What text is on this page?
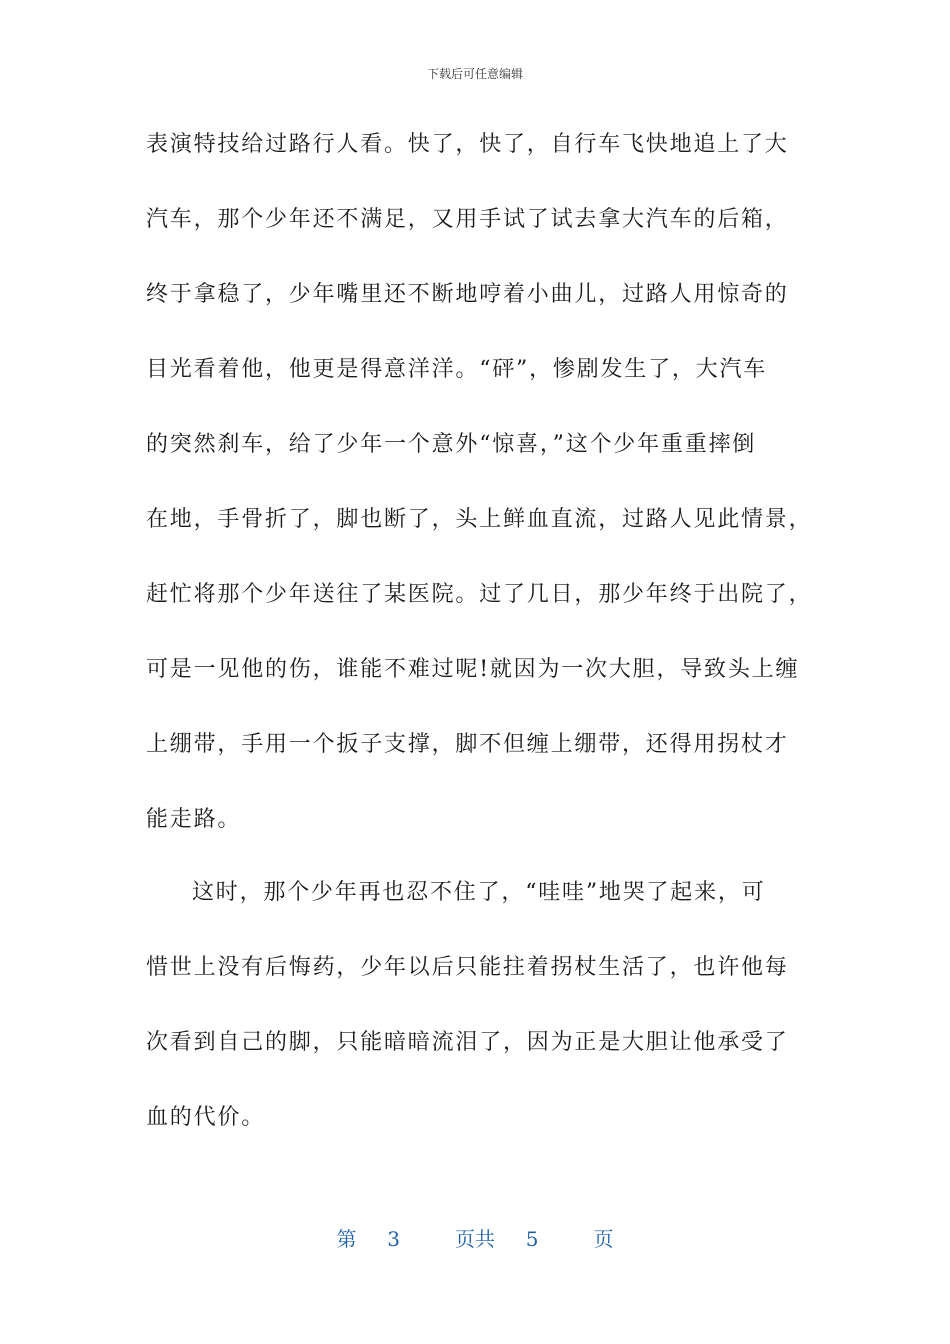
下载后可任意编辑
表演特技给过路行人看。快了，快了，自行车飞快地追上了大
汽车，那个少年还不满足，又用手试了试去拿大汽车的后箱，
终于拿稳了，少年嘴里还不断地哼着小曲儿，过路人用惊奇的
目光看着他，他更是得意洋洋。“砰”，惨剧发生了，大汽车
的突然刹车，给了少年一个意外“惊喜，”这个少年重重摔倒
在地，手骨折了，脚也断了，头上鲜血直流，过路人见此情景，
赶忙将那个少年送往了某医院。过了几日，那少年终于出院了，
可是一见他的伤，谁能不难过呢!就因为一次大胆，导致头上缠
上绷带，手用一个扳子支撑，脚不但缠上绷带，还得用拐杖才
能走路。
这时，那个少年再也忍不住了，“哇哇”地哭了起来，可
惜世上没有后悔药，少年以后只能拄着拐杖生活了，也许他每
次看到自己的脚，只能暗暗流泪了，因为正是大胆让他承受了
血的代价。
第 3	页共 5	页
